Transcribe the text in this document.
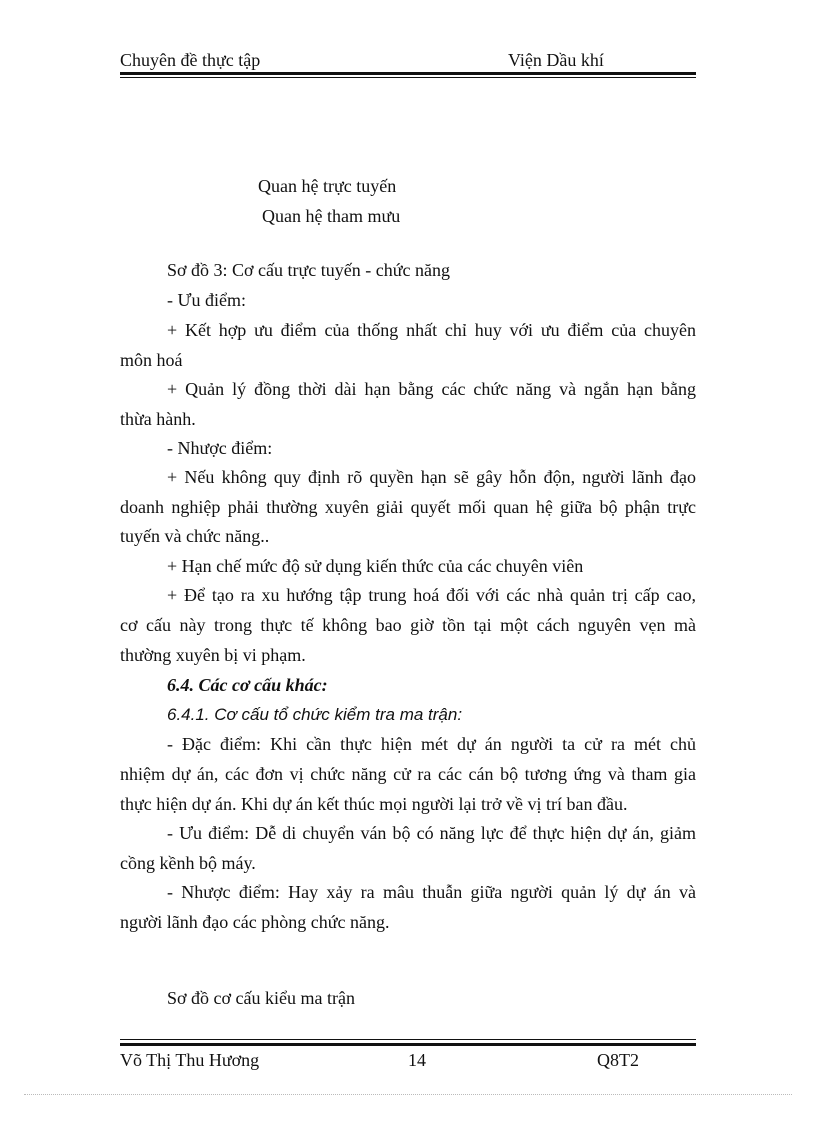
Chuyên đề thực tập	Viện Dầu khí
Quan hệ trực tuyến
Quan hệ tham mưu
Sơ đồ 3: Cơ cấu trực tuyến - chức năng
- Ưu điểm:
+ Kết hợp ưu điểm của thống nhất chỉ huy với ưu điểm của chuyên
môn hoá
+ Quản lý đồng thời dài hạn bằng các chức năng và ngắn hạn bằng
thừa hành.
- Nhược điểm:
+ Nếu không quy định rõ quyền hạn sẽ gây hỗn độn, người lãnh đạo
doanh nghiệp phải thường xuyên giải quyết mối quan hệ giữa bộ phận trực
tuyến và chức năng..
+ Hạn chế mức độ sử dụng kiến thức của các chuyên viên
+ Để tạo ra xu hướng tập trung hoá đối với các nhà quản trị cấp cao,
cơ cấu này trong thực tế không bao giờ tồn tại một cách nguyên vẹn mà
thường xuyên bị vi phạm.
6.4. Các cơ cấu khác:
6.4.1. Cơ cấu tổ chức kiểm tra ma trận:
- Đặc điểm: Khi cần thực hiện mét dự án người ta cử ra mét chủ
nhiệm dự án, các đơn vị chức năng cử ra các cán bộ tương ứng và tham gia
thực hiện dự án. Khi dự án kết thúc mọi người lại trở về vị trí ban đầu.
- Ưu điểm: Dễ di chuyển ván bộ có năng lực để thực hiện dự án, giảm
cồng kềnh bộ máy.
- Nhược điểm: Hay xảy ra mâu thuẫn giữa người quản lý dự án và
người lãnh đạo các phòng chức năng.
Sơ đồ cơ cấu kiểu ma trận
Võ Thị Thu Hương	14	Q8T2
